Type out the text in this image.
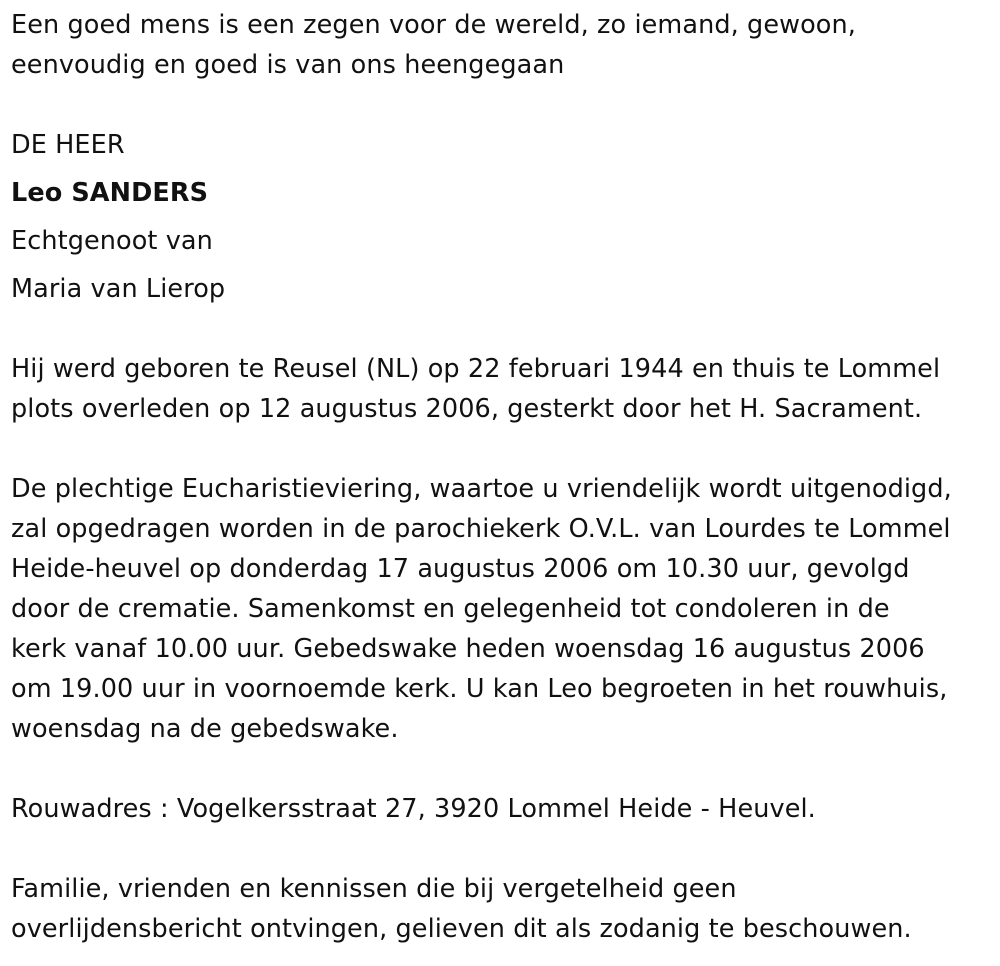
Een goed mens is een zegen voor de wereld, zo iemand, gewoon,
eenvoudig en goed is van ons heengegaan
DE HEER
Leo SANDERS
Echtgenoot van
Maria van Lierop
Hij werd geboren te Reusel (NL) op 22 februari 1944 en thuis te Lommel
plots overleden op 12 augustus 2006, gesterkt door het H. Sacrament.
De plechtige Eucharistieviering, waartoe u vriendelijk wordt uitgenodigd,
zal opgedragen worden in de parochiekerk O.V.L. van Lourdes te Lommel
Heide-heuvel op donderdag 17 augustus 2006 om 10.30 uur, gevolgd
door de crematie. Samenkomst en gelegenheid tot condoleren in de
kerk vanaf 10.00 uur. Gebedswake heden woensdag 16 augustus 2006
om 19.00 uur in voornoemde kerk. U kan Leo begroeten in het rouwhuis,
woensdag na de gebedswake.
Rouwadres : Vogelkersstraat 27, 3920 Lommel Heide - Heuvel.
Familie, vrienden en kennissen die bij vergetelheid geen
overlijdensbericht ontvingen, gelieven dit als zodanig te beschouwen.
